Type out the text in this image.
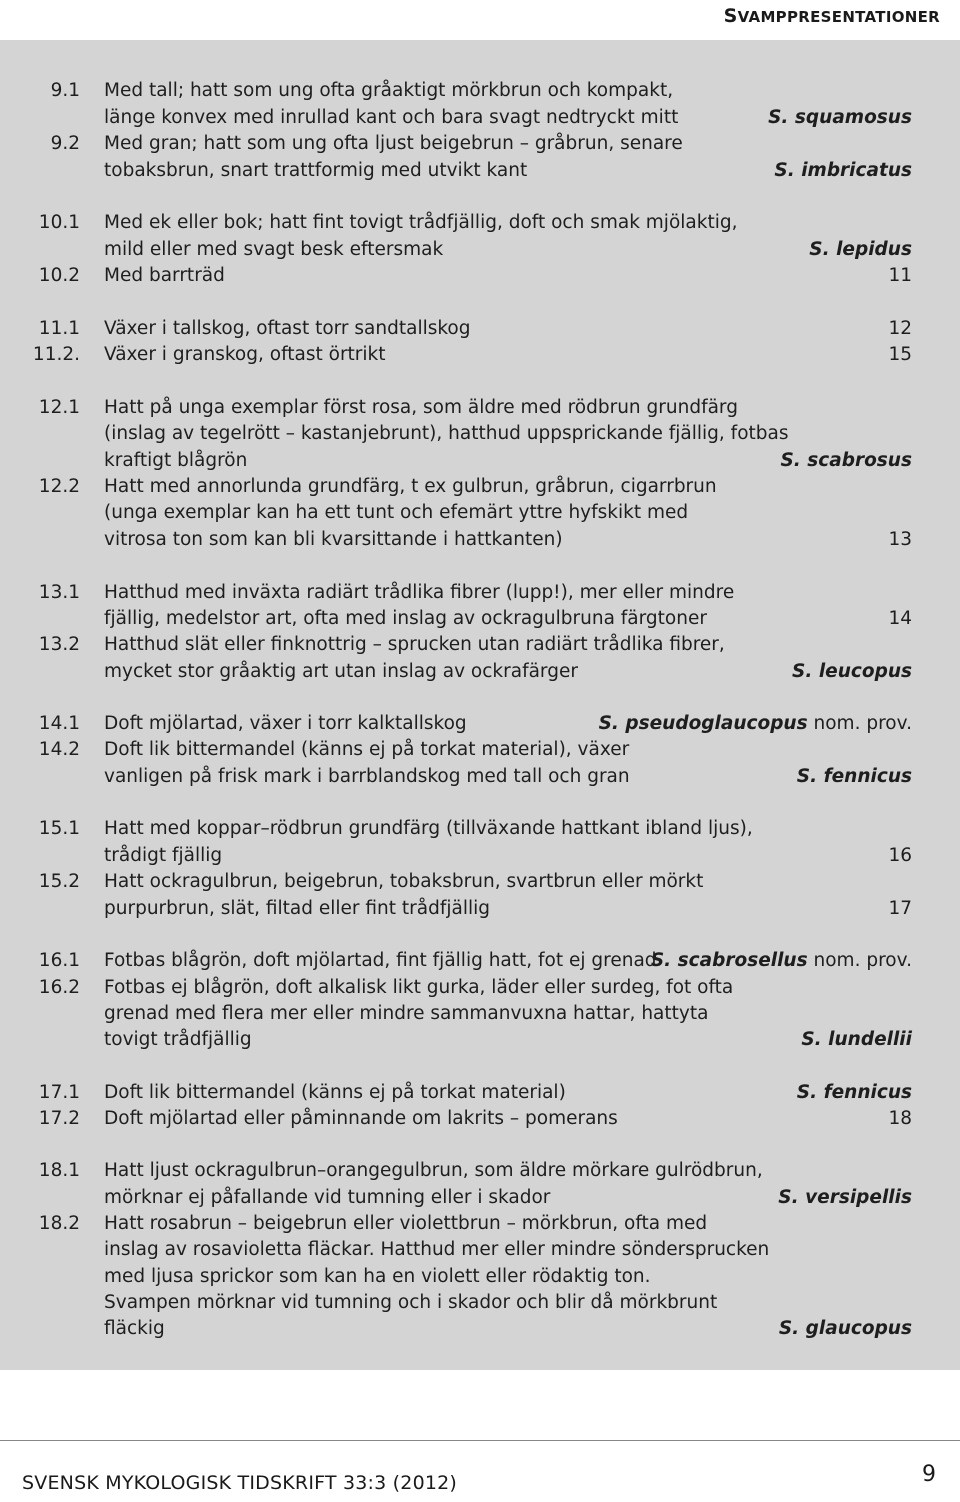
SVAMPPRESENTATIONER
9.1 Med tall; hatt som ung ofta gråaktigt mörkbrun och kompakt,
länge konvex med inrullad kant och bara svagt nedtryckt mitt	S. squamosus
9.2 Med gran; hatt som ung ofta ljust beigebrun – gråbrun, senare
tobaksbrun, snart trattformig med utvikt kant	S. imbricatus
10.1 Med ek eller bok; hatt fint tovigt trådfjällig, doft och smak mjölaktig,
mild eller med svagt besk eftersmak	S. lepidus
10.2 Med barrträd	11
11.1 Växer i tallskog, oftast torr sandtallskog	12
11.2. Växer i granskog, oftast örtrikt	15
12.1 Hatt på unga exemplar först rosa, som äldre med rödbrun grundfärg
(inslag av tegelrött – kastanjebrunt), hatthud uppsprickande fjällig, fotbas
kraftigt blågrön	S. scabrosus
12.2 Hatt med annorlunda grundfärg, t ex gulbrun, gråbrun, cigarrbrun
(unga exemplar kan ha ett tunt och efemärt yttre hyfskikt med
vitrosa ton som kan bli kvarsittande i hattkanten)	13
13.1 Hatthud med inväxta radiärt trådlika fibrer (lupp!), mer eller mindre
fjällig, medelstor art, ofta med inslag av ockragulbruna färgtoner	14
13.2 Hatthud slät eller finknottrig – sprucken utan radiärt trådlika fibrer,
mycket stor gråaktig art utan inslag av ockrafärger	S. leucopus
14.1 Doft mjölartad, växer i torr kalktallskog	S. pseudoglaucopus nom. prov.
14.2 Doft lik bittermandel (känns ej på torkat material), växer
vanligen på frisk mark i barrblandskog med tall och gran	S. fennicus
15.1 Hatt med koppar–rödbrun grundfärg (tillväxande hattkant ibland ljus),
trådigt fjällig	16
15.2 Hatt ockragulbrun, beigebrun, tobaksbrun, svartbrun eller mörkt
purpurbrun, slät, filtad eller fint trådfjällig	17
16.1 Fotbas blågrön, doft mjölartad, fint fjällig hatt, fot ej grenad
S. scabrosellus nom. prov.
16.2 Fotbas ej blågrön, doft alkalisk likt gurka, läder eller surdeg, fot ofta
grenad med flera mer eller mindre sammanvuxna hattar, hattyta
tovigt trådfjällig	S. lundellii
17.1 Doft lik bittermandel (känns ej på torkat material)	S. fennicus
17.2 Doft mjölartad eller påminnande om lakrits – pomerans	18
18.1 Hatt ljust ockragulbrun–orangegulbrun, som äldre mörkare gulrödbrun,
mörknar ej påfallande vid tumning eller i skador	S. versipellis
18.2 Hatt rosabrun – beigebrun eller violettbrun – mörkbrun, ofta med
inslag av rosavioletta fläckar. Hatthud mer eller mindre söndersprucken
med ljusa sprickor som kan ha en violett eller rödaktig ton.
Svampen mörknar vid tumning och i skador och blir då mörkbrunt
fläckig	S. glaucopus
SVENSK MYKOLOGISK TIDSKRIFT 33:3 (2012)	9
